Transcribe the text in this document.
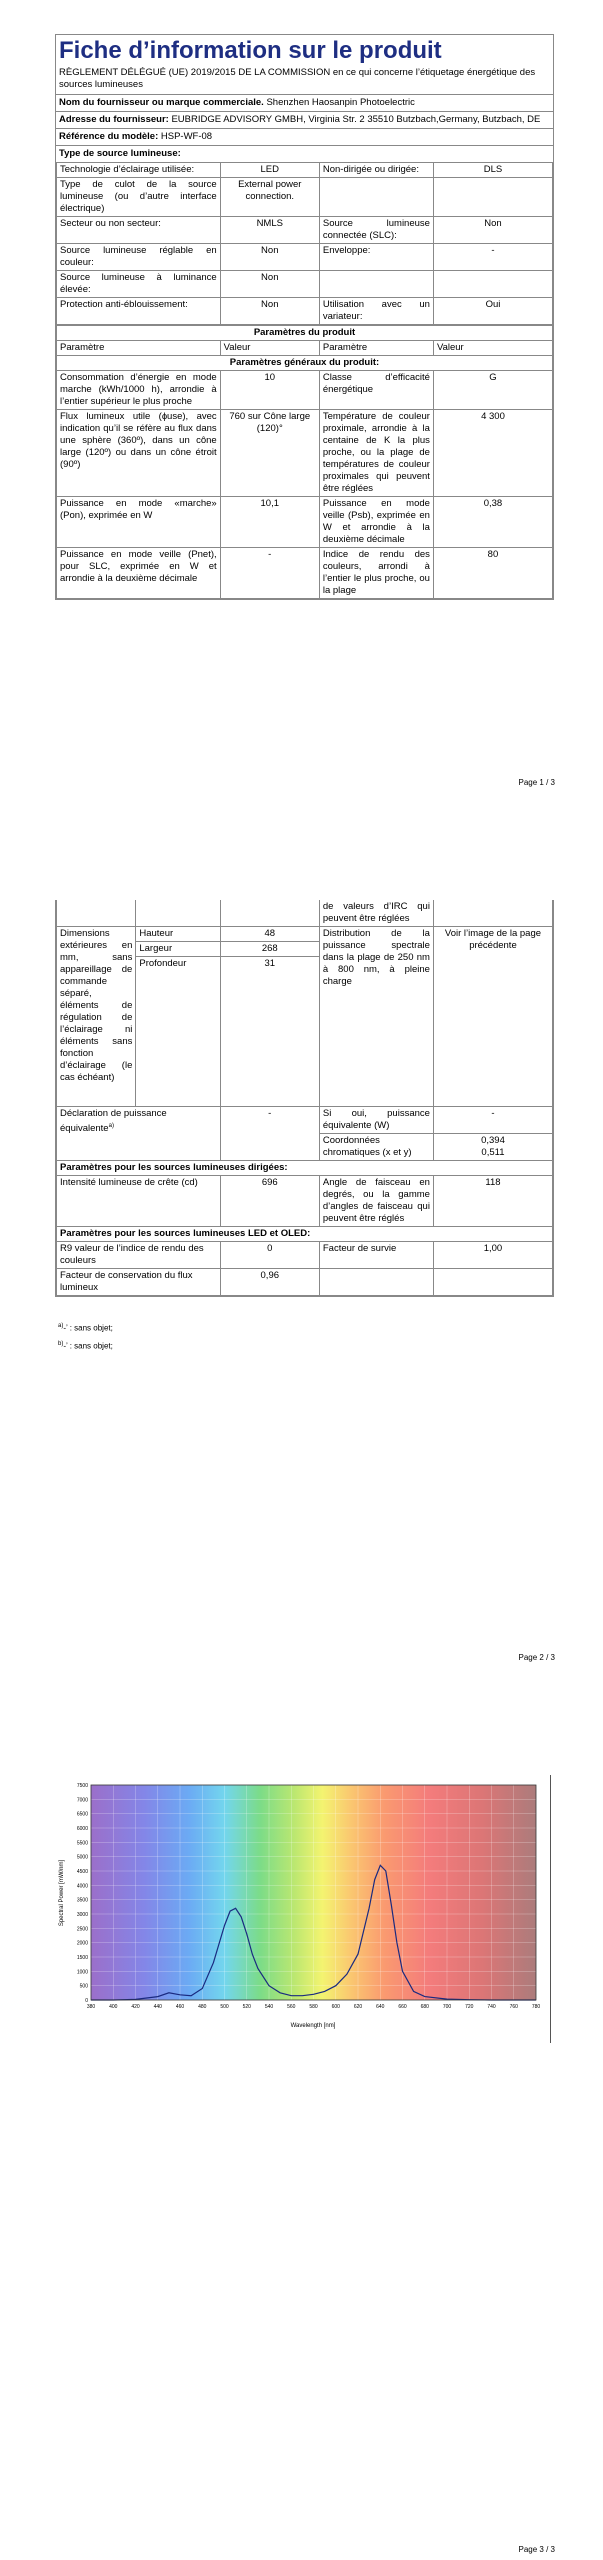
Fiche d’information sur le produit
RÈGLEMENT DÉLÉGUÉ (UE) 2019/2015 DE LA COMMISSION en ce qui concerne l’étiquetage énergétique des sources lumineuses
Nom du fournisseur ou marque commerciale. Shenzhen Haosanpin Photoelectric
Adresse du fournisseur: EUBRIDGE ADVISORY GMBH, Virginia Str. 2 35510 Butzbach,Germany, Butzbach, DE
Référence du modèle: HSP-WF-08
Type de source lumineuse:
Technologie d’éclairage utilisée:	LED	Non-dirigée ou dirigée:	DLS
Type de culot de la source lumineuse (ou d’autre interface électrique)	External power connection.		
Secteur ou non secteur:	NMLS	Source lumineuse connectée (SLC):	Non
Source lumineuse réglable en couleur:	Non	Enveloppe:	-
Source lumineuse à luminance élevée:	Non		
Protection anti-éblouissement:	Non	Utilisation avec un variateur:	Oui
Paramètres du produit			
Paramètre	Valeur	Paramètre	Valeur
Paramètres généraux du produit:			
Consommation d’énergie en mode marche (kWh/1000 h), arrondie à l’entier supérieur le plus proche	10	Classe d’efficacité énergétique	G
Flux lumineux utile (ɸuse), avec indication qu’il se réfère au flux dans une sphère (360º), dans un cône large (120º) ou dans un cône étroit (90º)	760 sur Cône large (120)°	Température de couleur proximale, arrondie à la centaine de K la plus proche, ou la plage de températures de couleur proximales qui peuvent être réglées	4 300
Puissance en mode «marche» (Pon), exprimée en W	10,1	Puissance en mode veille (Psb), exprimée en W et arrondie à la deuxième décimale	0,38
Puissance en mode veille (Pnet), pour SLC, exprimée en W et arrondie à la deuxième décimale	-	Indice de rendu des couleurs, arrondi à l’entier le plus proche, ou la plage	80
Page 1 / 3
			de valeurs d’IRC qui peuvent être réglées	
Dimensions extérieures en mm, sans appareillage de commande séparé, éléments de régulation de l’éclairage ni éléments sans fonction d’éclairage (le cas échéant)	Hauteur	48	Distribution de la puissance spectrale dans la plage de 250 nm à 800 nm, à pleine charge	Voir l’image de la page précédente
	Largeur	268		
	Profondeur	31		
Déclaration de puissance équivalente$^{a)}$		-	Si oui, puissance équivalente (W)	-
			Coordonnées chromatiques (x et y)	0,394
0,511

Paramètres pour les sources lumineuses dirigées:				
Intensité lumineuse de crête (cd)		696	Angle de faisceau en degrés, ou la gamme d’angles de faisceau qui peuvent être réglés	118
Paramètres pour les sources lumineuses LED et OLED:				
R9 valeur de l’indice de rendu des couleurs		0	Facteur de survie	1,00
Facteur de conservation du flux lumineux		0,96		
$^{a)}$-’ : sans objet;
$^{b)}$-’ : sans objet;
Page 2 / 3
0
500
1000
1500
2000
2500
3000
3500
4000
4500
5000
5500
6000
6500
7000
7500
380	400	420	440	460	480	500	520	540	560	580	600	620	640	660	680	700	720	740	760	780
Wavelength [nm]
Spectral Power [mW/nm]
Page 3 / 3
